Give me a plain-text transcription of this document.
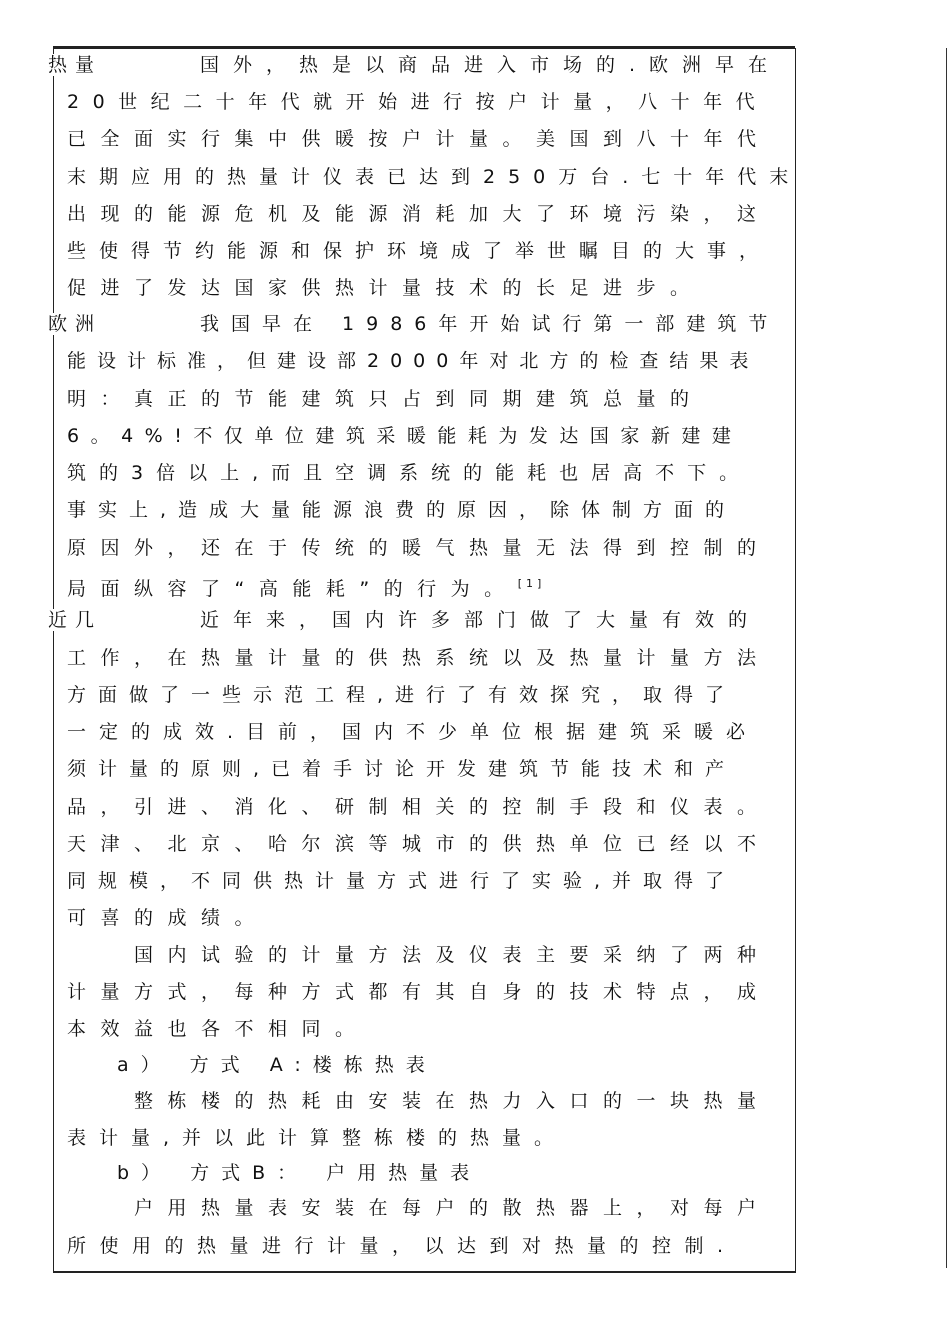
热量	国外，热是以商品进入市场的.欧洲早在
20世纪二十年代就开始进行按户计量，八十年代
已全面实行集中供暖按户计量。美国到八十年代
末期应用的热量计仪表已达到250万台.七十年代末
出现的能源危机及能源消耗加大了环境污染，这
些使得节约能源和保护环境成了举世瞩目的大事，
促进了发达国家供热计量技术的长足进步。
欧洲	我国早在 1986年开始试行第一部建筑节
能设计标准，但建设部2000年对北方的检查结果表
明：真正的节能建筑只占到同期建筑总量的
6。4%!不仅单位建筑采暖能耗为发达国家新建建
筑的3倍以上,而且空调系统的能耗也居高不下。
事实上,造成大量能源浪费的原因，除体制方面的
原因外，还在于传统的暖气热量无法得到控制的
局面纵容了“高能耗”的行为。[1]
近几	近年来，国内许多部门做了大量有效的
工作，在热量计量的供热系统以及热量计量方法
方面做了一些示范工程,进行了有效探究，取得了
一定的成效.目前，国内不少单位根据建筑采暖必
须计量的原则,已着手讨论开发建筑节能技术和产
品，引进、消化、研制相关的控制手段和仪表。
天津、北京、哈尔滨等城市的供热单位已经以不
同规模，不同供热计量方式进行了实验,并取得了
可喜的成绩。
国内试验的计量方法及仪表主要采纳了两种
计量方式，每种方式都有其自身的技术特点，成
本效益也各不相同。
a） 方式 A:楼栋热表
整栋楼的热耗由安装在热力入口的一块热量
表计量,并以此计算整栋楼的热量。
b） 方式B： 户用热量表
户用热量表安装在每户的散热器上，对每户
所使用的热量进行计量，以达到对热量的控制.
